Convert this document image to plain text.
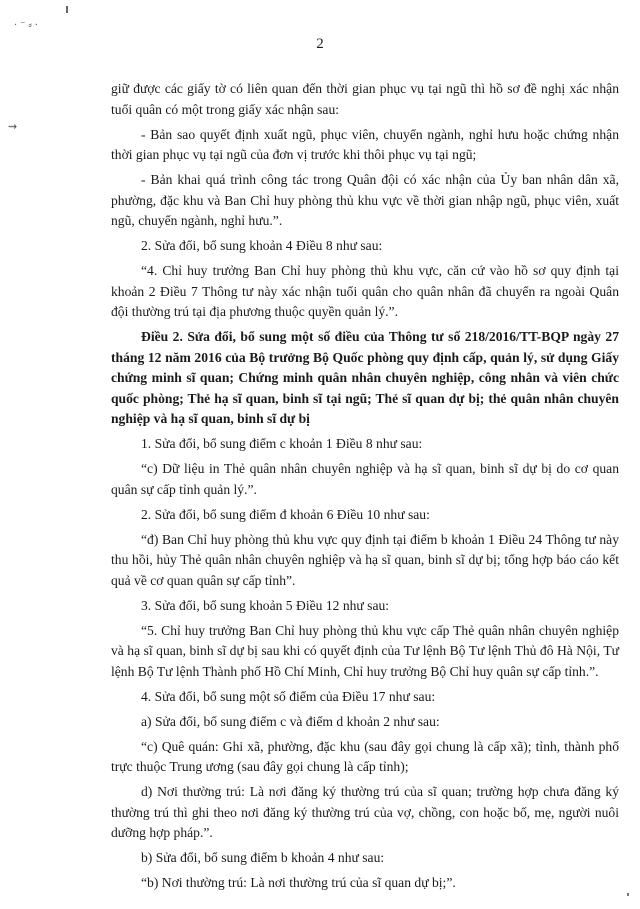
·⁻⸗·
⇝
2

giữ được các giấy tờ có liên quan đến thời gian phục vụ tại ngũ thì hồ sơ đề nghị xác nhận tuổi quân có một trong giấy xác nhận sau:

- Bản sao quyết định xuất ngũ, phục viên, chuyển ngành, nghỉ hưu hoặc chứng nhận thời gian phục vụ tại ngũ của đơn vị trước khi thôi phục vụ tại ngũ;

- Bản khai quá trình công tác trong Quân đội có xác nhận của Ủy ban nhân dân xã, phường, đặc khu và Ban Chỉ huy phòng thủ khu vực về thời gian nhập ngũ, phục viên, xuất ngũ, chuyển ngành, nghỉ hưu.”.

2. Sửa đổi, bổ sung khoản 4 Điều 8 như sau:

“4. Chỉ huy trưởng Ban Chỉ huy phòng thủ khu vực, căn cứ vào hồ sơ quy định tại khoản 2 Điều 7 Thông tư này xác nhận tuổi quân cho quân nhân đã chuyển ra ngoài Quân đội thường trú tại địa phương thuộc quyền quản lý.”.

Điều 2. Sửa đổi, bổ sung một số điều của Thông tư số 218/2016/TT-BQP ngày 27 tháng 12 năm 2016 của Bộ trưởng Bộ Quốc phòng quy định cấp, quản lý, sử dụng Giấy chứng minh sĩ quan; Chứng minh quân nhân chuyên nghiệp, công nhân và viên chức quốc phòng; Thẻ hạ sĩ quan, binh sĩ tại ngũ; Thẻ sĩ quan dự bị; thẻ quân nhân chuyên nghiệp và hạ sĩ quan, binh sĩ dự bị

1. Sửa đổi, bổ sung điểm c khoản 1 Điều 8 như sau:

“c) Dữ liệu in Thẻ quân nhân chuyên nghiệp và hạ sĩ quan, binh sĩ dự bị do cơ quan quân sự cấp tỉnh quản lý.”.

2. Sửa đổi, bổ sung điểm đ khoản 6 Điều 10 như sau:

“đ) Ban Chỉ huy phòng thủ khu vực quy định tại điểm b khoản 1 Điều 24 Thông tư này thu hồi, hủy Thẻ quân nhân chuyên nghiệp và hạ sĩ quan, binh sĩ dự bị; tổng hợp báo cáo kết quả về cơ quan quân sự cấp tỉnh”.

3. Sửa đổi, bổ sung khoản 5 Điều 12 như sau:

“5. Chỉ huy trưởng Ban Chỉ huy phòng thủ khu vực cấp Thẻ quân nhân chuyên nghiệp và hạ sĩ quan, binh sĩ dự bị sau khi có quyết định của Tư lệnh Bộ Tư lệnh Thủ đô Hà Nội, Tư lệnh Bộ Tư lệnh Thành phố Hồ Chí Minh, Chỉ huy trưởng Bộ Chỉ huy quân sự cấp tỉnh.”.

4. Sửa đổi, bổ sung một số điểm của Điều 17 như sau:

a) Sửa đổi, bổ sung điểm c và điểm d khoản 2 như sau:

“c) Quê quán: Ghi xã, phường, đặc khu (sau đây gọi chung là cấp xã); tỉnh, thành phố trực thuộc Trung ương (sau đây gọi chung là cấp tỉnh);

d) Nơi thường trú: Là nơi đăng ký thường trú của sĩ quan; trường hợp chưa đăng ký thường trú thì ghi theo nơi đăng ký thường trú của vợ, chồng, con hoặc bố, mẹ, người nuôi dưỡng hợp pháp.”.

b) Sửa đổi, bổ sung điểm b khoản 4 như sau:

“b) Nơi thường trú: Là nơi thường trú của sĩ quan dự bị;”.
